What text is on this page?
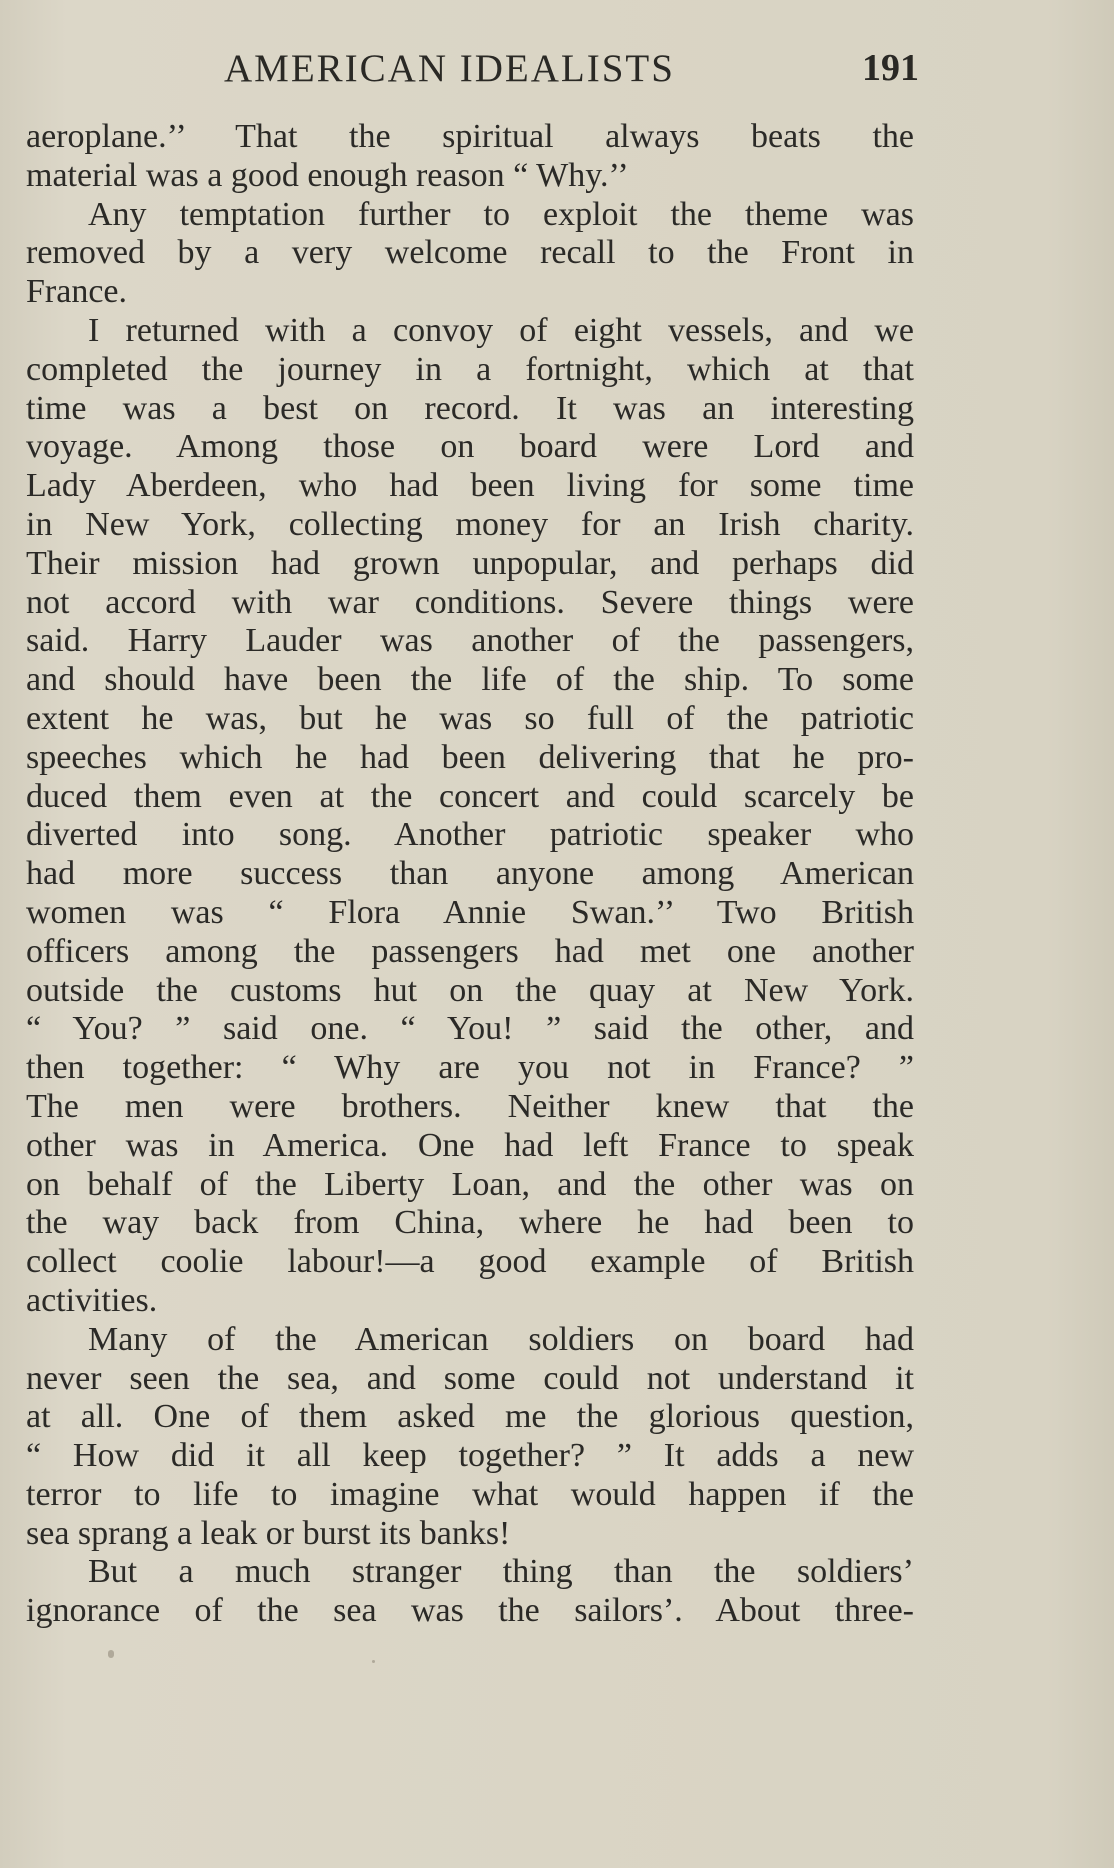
AMERICAN IDEALISTS	191
aeroplane.’’ That the spiritual always beats the
material was a good enough reason “ Why.’’
Any temptation further to exploit the theme was
removed by a very welcome recall to the Front in
France.
I returned with a convoy of eight vessels, and we
completed the journey in a fortnight, which at that
time was a best on record. It was an interesting
voyage. Among those on board were Lord and
Lady Aberdeen, who had been living for some time
in New York, collecting money for an Irish charity.
Their mission had grown unpopular, and perhaps did
not accord with war conditions. Severe things were
said. Harry Lauder was another of the passengers,
and should have been the life of the ship. To some
extent he was, but he was so full of the patriotic
speeches which he had been delivering that he pro-
duced them even at the concert and could scarcely be
diverted into song. Another patriotic speaker who
had more success than anyone among American
women was “ Flora Annie Swan.’’ Two British
officers among the passengers had met one another
outside the customs hut on the quay at New York.
“ You? ” said one. “ You! ” said the other, and
then together: “ Why are you not in France? ”
The men were brothers. Neither knew that the
other was in America. One had left France to speak
on behalf of the Liberty Loan, and the other was on
the way back from China, where he had been to
collect coolie labour!—a good example of British
activities.
Many of the American soldiers on board had
never seen the sea, and some could not understand it
at all. One of them asked me the glorious question,
“ How did it all keep together? ” It adds a new
terror to life to imagine what would happen if the
sea sprang a leak or burst its banks!
But a much stranger thing than the soldiers’
ignorance of the sea was the sailors’. About three-
